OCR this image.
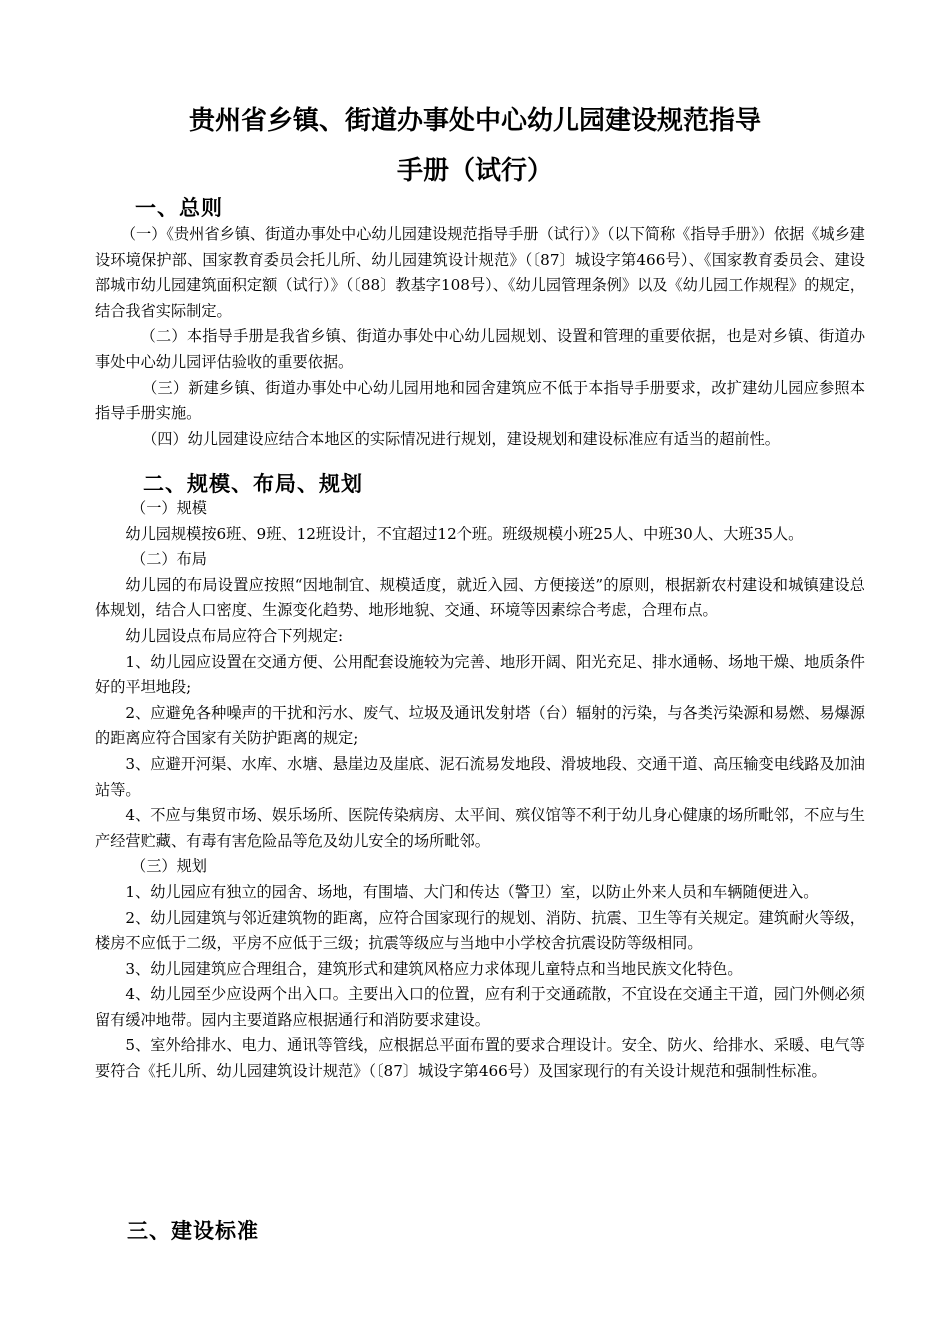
贵州省乡镇、街道办事处中心幼儿园建设规范指导
手册（试行）
一、总则

（一）《贵州省乡镇、街道办事处中心幼儿园建设规范指导手册（试行）》（以下简称《指导手册》）依据《城乡建设环境保护部、国家教育委员会托儿所、幼儿园建筑设计规范》（〔87〕城设字第466号）、《国家教育委员会、建设部城市幼儿园建筑面积定额（试行）》（〔88〕教基字108号）、《幼儿园管理条例》以及《幼儿园工作规程》的规定，结合我省实际制定。

（二）本指导手册是我省乡镇、街道办事处中心幼儿园规划、设置和管理的重要依据，也是对乡镇、街道办事处中心幼儿园评估验收的重要依据。

（三）新建乡镇、街道办事处中心幼儿园用地和园舍建筑应不低于本指导手册要求，改扩建幼儿园应参照本指导手册实施。

（四）幼儿园建设应结合本地区的实际情况进行规划，建设规划和建设标准应有适当的超前性。

二、规模、布局、规划

（一）规模

幼儿园规模按6班、9班、12班设计，不宜超过12个班。班级规模小班25人、中班30人、大班35人。

（二）布局

幼儿园的布局设置应按照“因地制宜、规模适度，就近入园、方便接送”的原则，根据新农村建设和城镇建设总体规划，结合人口密度、生源变化趋势、地形地貌、交通、环境等因素综合考虑，合理布点。

幼儿园设点布局应符合下列规定:

1、幼儿园应设置在交通方便、公用配套设施较为完善、地形开阔、阳光充足、排水通畅、场地干燥、地质条件好的平坦地段;

2、应避免各种噪声的干扰和污水、废气、垃圾及通讯发射塔（台）辐射的污染，与各类污染源和易燃、易爆源的距离应符合国家有关防护距离的规定;

3、应避开河渠、水库、水塘、悬崖边及崖底、泥石流易发地段、滑坡地段、交通干道、高压输变电线路及加油站等。

4、不应与集贸市场、娱乐场所、医院传染病房、太平间、殡仪馆等不利于幼儿身心健康的场所毗邻，不应与生产经营贮藏、有毒有害危险品等危及幼儿安全的场所毗邻。

（三）规划

1、幼儿园应有独立的园舍、场地，有围墙、大门和传达（警卫）室，以防止外来人员和车辆随便进入。

2、幼儿园建筑与邻近建筑物的距离，应符合国家现行的规划、消防、抗震、卫生等有关规定。建筑耐火等级，楼房不应低于二级，平房不应低于三级；抗震等级应与当地中小学校舍抗震设防等级相同。

3、幼儿园建筑应合理组合，建筑形式和建筑风格应力求体现儿童特点和当地民族文化特色。

4、幼儿园至少应设两个出入口。主要出入口的位置，应有利于交通疏散，不宜设在交通主干道，园门外侧必须留有缓冲地带。园内主要道路应根据通行和消防要求建设。

5、室外给排水、电力、通讯等管线，应根据总平面布置的要求合理设计。安全、防火、给排水、采暖、电气等要符合《托儿所、幼儿园建筑设计规范》（〔87〕城设字第466号）及国家现行的有关设计规范和强制性标准。

三、建设标准
